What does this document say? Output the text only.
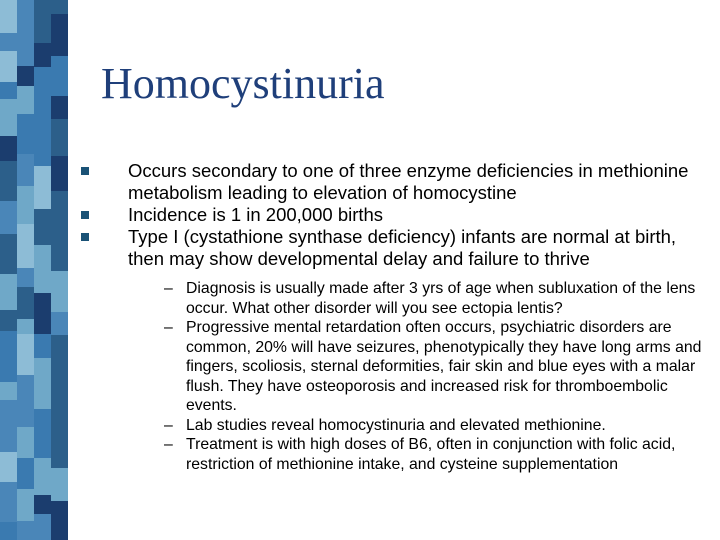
Homocystinuria
Occurs secondary to one of three enzyme deficiencies in methionine metabolism leading to elevation of homocystine
Incidence is 1 in 200,000 births
Type I (cystathione synthase deficiency) infants are normal at birth, then may show developmental delay and failure to thrive
– Diagnosis is usually made after 3 yrs of age when subluxation of the lens occur. What other disorder will you see ectopia lentis?
– Progressive mental retardation often occurs, psychiatric disorders are common, 20% will have seizures, phenotypically they have long arms and fingers, scoliosis, sternal deformities, fair skin and blue eyes with a malar flush. They have osteoporosis and increased risk for thromboembolic events.
– Lab studies reveal homocystinuria and elevated methionine.
– Treatment is with high doses of B6, often in conjunction with folic acid, restriction of methionine intake, and cysteine supplementation
